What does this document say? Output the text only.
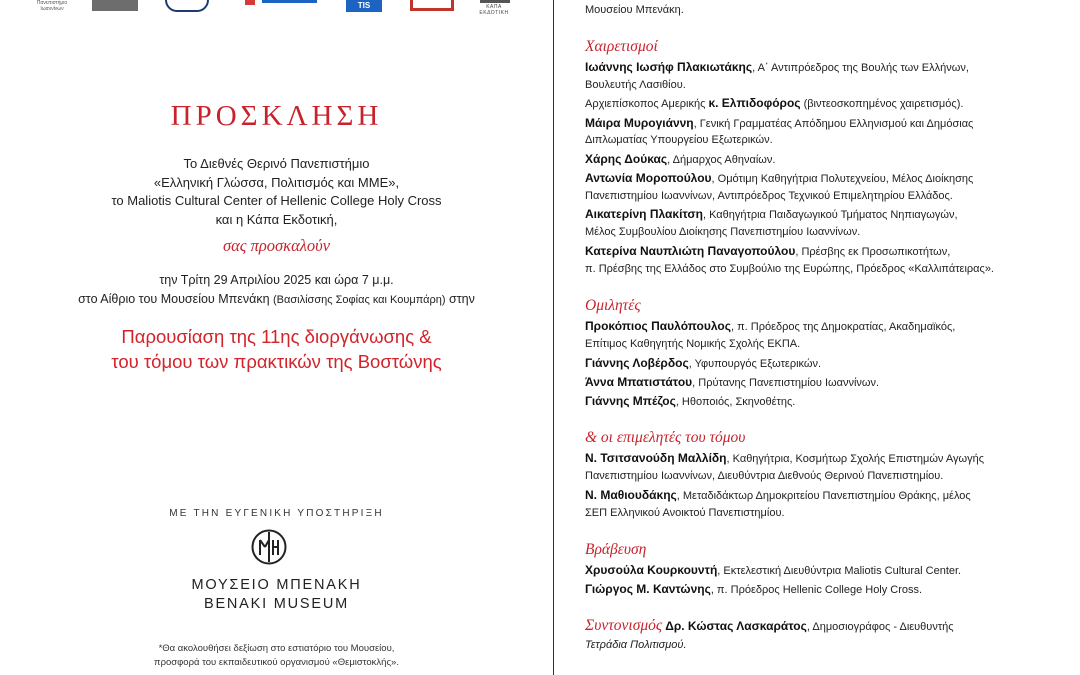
Πανεπιστήμιο Ιωαννίνων	TIS	ΚΑΠΑ ΕΚΔΟΤΙΚΗ
ΠΡΟΣΚΛΗΣΗ
Το Διεθνές Θερινό Πανεπιστήμιο
«Ελληνική Γλώσσα, Πολιτισμός και ΜΜΕ»,
το Maliotis Cultural Center of Hellenic College Holy Cross
και η Κάπα Εκδοτική,
σας προσκαλούν
την Τρίτη 29 Απριλίου 2025 και ώρα 7 μ.μ.
στο Αίθριο του Μουσείου Μπενάκη (Βασιλίσσης Σοφίας και Κουμπάρη) στην
Παρουσίαση της 11ης διοργάνωσης &
του τόμου των πρακτικών της Βοστώνης
ΜΕ ΤΗΝ ΕΥΓΕΝΙΚΗ ΥΠΟΣΤΗΡΙΞΗ
ΜΟΥΣΕΙΟ ΜΠΕΝΑΚΗ
BENAKI MUSEUM
*Θα ακολουθήσει δεξίωση στο εστιατόριο του Μουσείου,
προσφορά του εκπαιδευτικού οργανισμού «Θεμιστοκλής».
Μουσείου Μπενάκη.
Χαιρετισμοί
Ιωάννης Ιωσήφ Πλακιωτάκης, Α΄ Αντιπρόεδρος της Βουλής των Ελλήνων,
Βουλευτής Λασιθίου.
Αρχιεπίσκοπος Αμερικής κ. Ελπιδοφόρος (βιντεοσκοπημένος χαιρετισμός).
Μάιρα Μυρογιάννη, Γενική Γραμματέας Απόδημου Ελληνισμού και Δημόσιας
Διπλωματίας Υπουργείου Εξωτερικών.
Χάρης Δούκας, Δήμαρχος Αθηναίων.
Αντωνία Μοροπούλου, Ομότιμη Καθηγήτρια Πολυτεχνείου, Μέλος Διοίκησης
Πανεπιστημίου Ιωαννίνων, Αντιπρόεδρος Τεχνικού Επιμελητηρίου Ελλάδος.
Αικατερίνη Πλακίτση, Καθηγήτρια Παιδαγωγικού Τμήματος Νηπιαγωγών,
Μέλος Συμβουλίου Διοίκησης Πανεπιστημίου Ιωαννίνων.
Κατερίνα Ναυπλιώτη Παναγοπούλου, Πρέσβης εκ Προσωπικοτήτων,
π. Πρέσβης της Ελλάδος στο Συμβούλιο της Ευρώπης, Πρόεδρος «Καλλιπάτειρας».
Ομιλητές
Προκόπιος Παυλόπουλος, π. Πρόεδρος της Δημοκρατίας, Ακαδημαϊκός,
Επίτιμος Καθηγητής Νομικής Σχολής ΕΚΠΑ.
Γιάννης Λοβέρδος, Υφυπουργός Εξωτερικών.
Άννα Μπατιστάτου, Πρύτανης Πανεπιστημίου Ιωαννίνων.
Γιάννης Μπέζος, Ηθοποιός, Σκηνοθέτης.
& οι επιμελητές του τόμου
Ν. Τσιτσανούδη Μαλλίδη, Καθηγήτρια, Κοσμήτωρ Σχολής Επιστημών Αγωγής
Πανεπιστημίου Ιωαννίνων, Διευθύντρια Διεθνούς Θερινού Πανεπιστημίου.
Ν. Μαθιουδάκης, Μεταδιδάκτωρ Δημοκριτείου Πανεπιστημίου Θράκης, μέλος
ΣΕΠ Ελληνικού Ανοικτού Πανεπιστημίου.
Βράβευση
Χρυσούλα Κουρκουντή, Εκτελεστική Διευθύντρια Maliotis Cultural Center.
Γιώργος Μ. Καντώνης, π. Πρόεδρος Hellenic College Holy Cross.
Συντονισμός Δρ. Κώστας Λασκαράτος, Δημοσιογράφος - Διευθυντής
Τετράδια Πολιτισμού.
